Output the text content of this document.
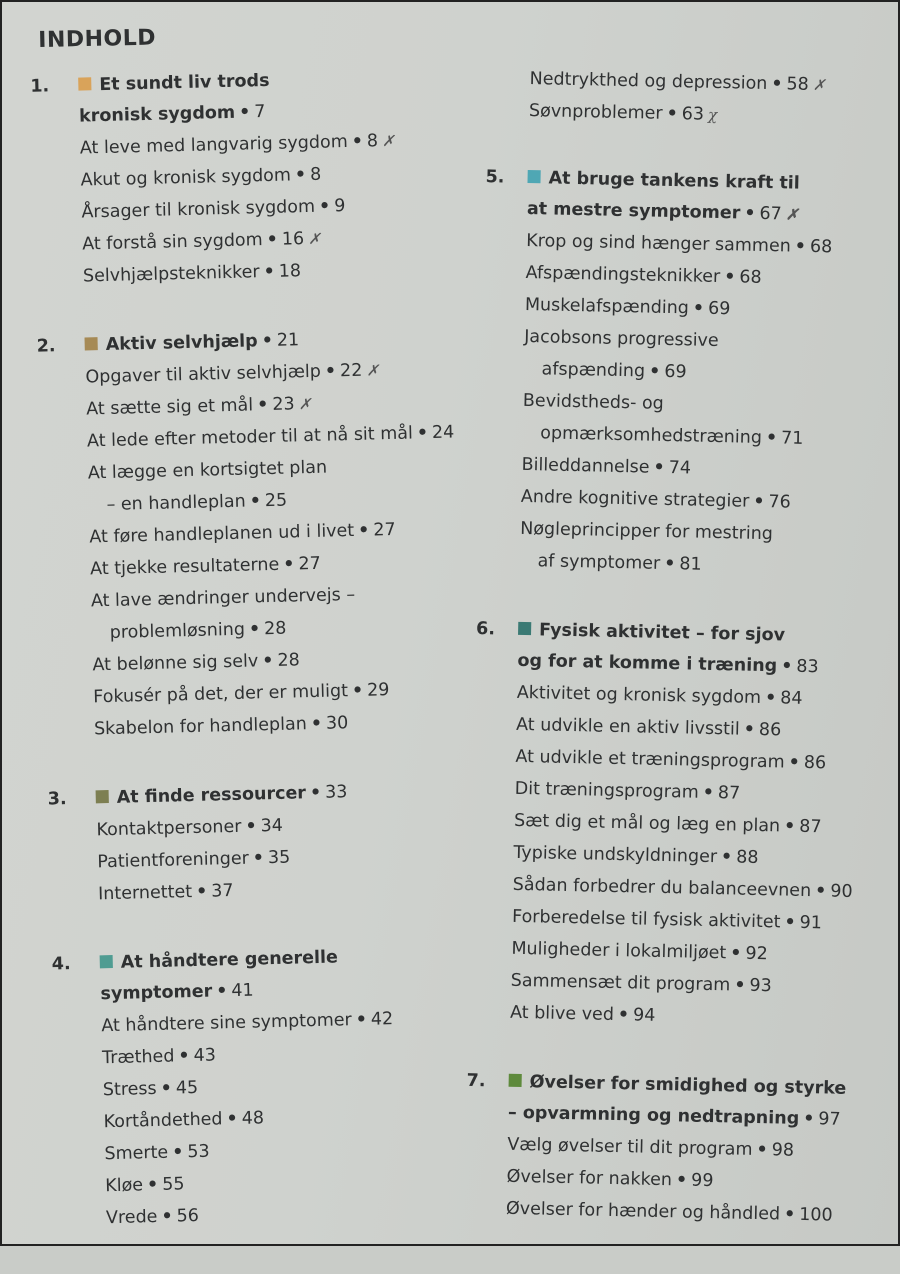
INDHOLD
1.	Et sundt liv trods
kronisk sygdom • 7
At leve med langvarig sygdom • 8 ✗
Akut og kronisk sygdom • 8
Årsager til kronisk sygdom • 9
At forstå sin sygdom • 16 ✗
Selvhjælpsteknikker • 18
2.	Aktiv selvhjælp • 21
Opgaver til aktiv selvhjælp • 22 ✗
At sætte sig et mål • 23 ✗
At lede efter metoder til at nå sit mål • 24
At lægge en kortsigtet plan
– en handleplan • 25
At føre handleplanen ud i livet • 27
At tjekke resultaterne • 27
At lave ændringer undervejs –
problemløsning • 28
At belønne sig selv • 28
Fokusér på det, der er muligt • 29
Skabelon for handleplan • 30
3.	At finde ressourcer • 33
Kontaktpersoner • 34
Patientforeninger • 35
Internettet • 37
4.	At håndtere generelle
symptomer • 41
At håndtere sine symptomer • 42
Træthed • 43
Stress • 45
Kortåndethed • 48
Smerte • 53
Kløe • 55
Vrede • 56
Nedtrykthed og depression • 58 ✗
Søvnproblemer • 63 χ
5. At bruge tankens kraft til
at mestre symptomer • 67 ✗
Krop og sind hænger sammen • 68
Afspændingsteknikker • 68
Muskelafspænding • 69
Jacobsons progressive
afspænding • 69
Bevidstheds- og
opmærksomhedstræning • 71
Billeddannelse • 74
Andre kognitive strategier • 76
Nøgleprincipper for mestring
af symptomer • 81
6. Fysisk aktivitet – for sjov
og for at komme i træning • 83
Aktivitet og kronisk sygdom • 84
At udvikle en aktiv livsstil • 86
At udvikle et træningsprogram • 86
Dit træningsprogram • 87
Sæt dig et mål og læg en plan • 87
Typiske undskyldninger • 88
Sådan forbedrer du balanceevnen • 90
Forberedelse til fysisk aktivitet • 91
Muligheder i lokalmiljøet • 92
Sammensæt dit program • 93
At blive ved • 94
7. Øvelser for smidighed og styrke
– opvarmning og nedtrapning • 97
Vælg øvelser til dit program • 98
Øvelser for nakken • 99
Øvelser for hænder og håndled • 100
